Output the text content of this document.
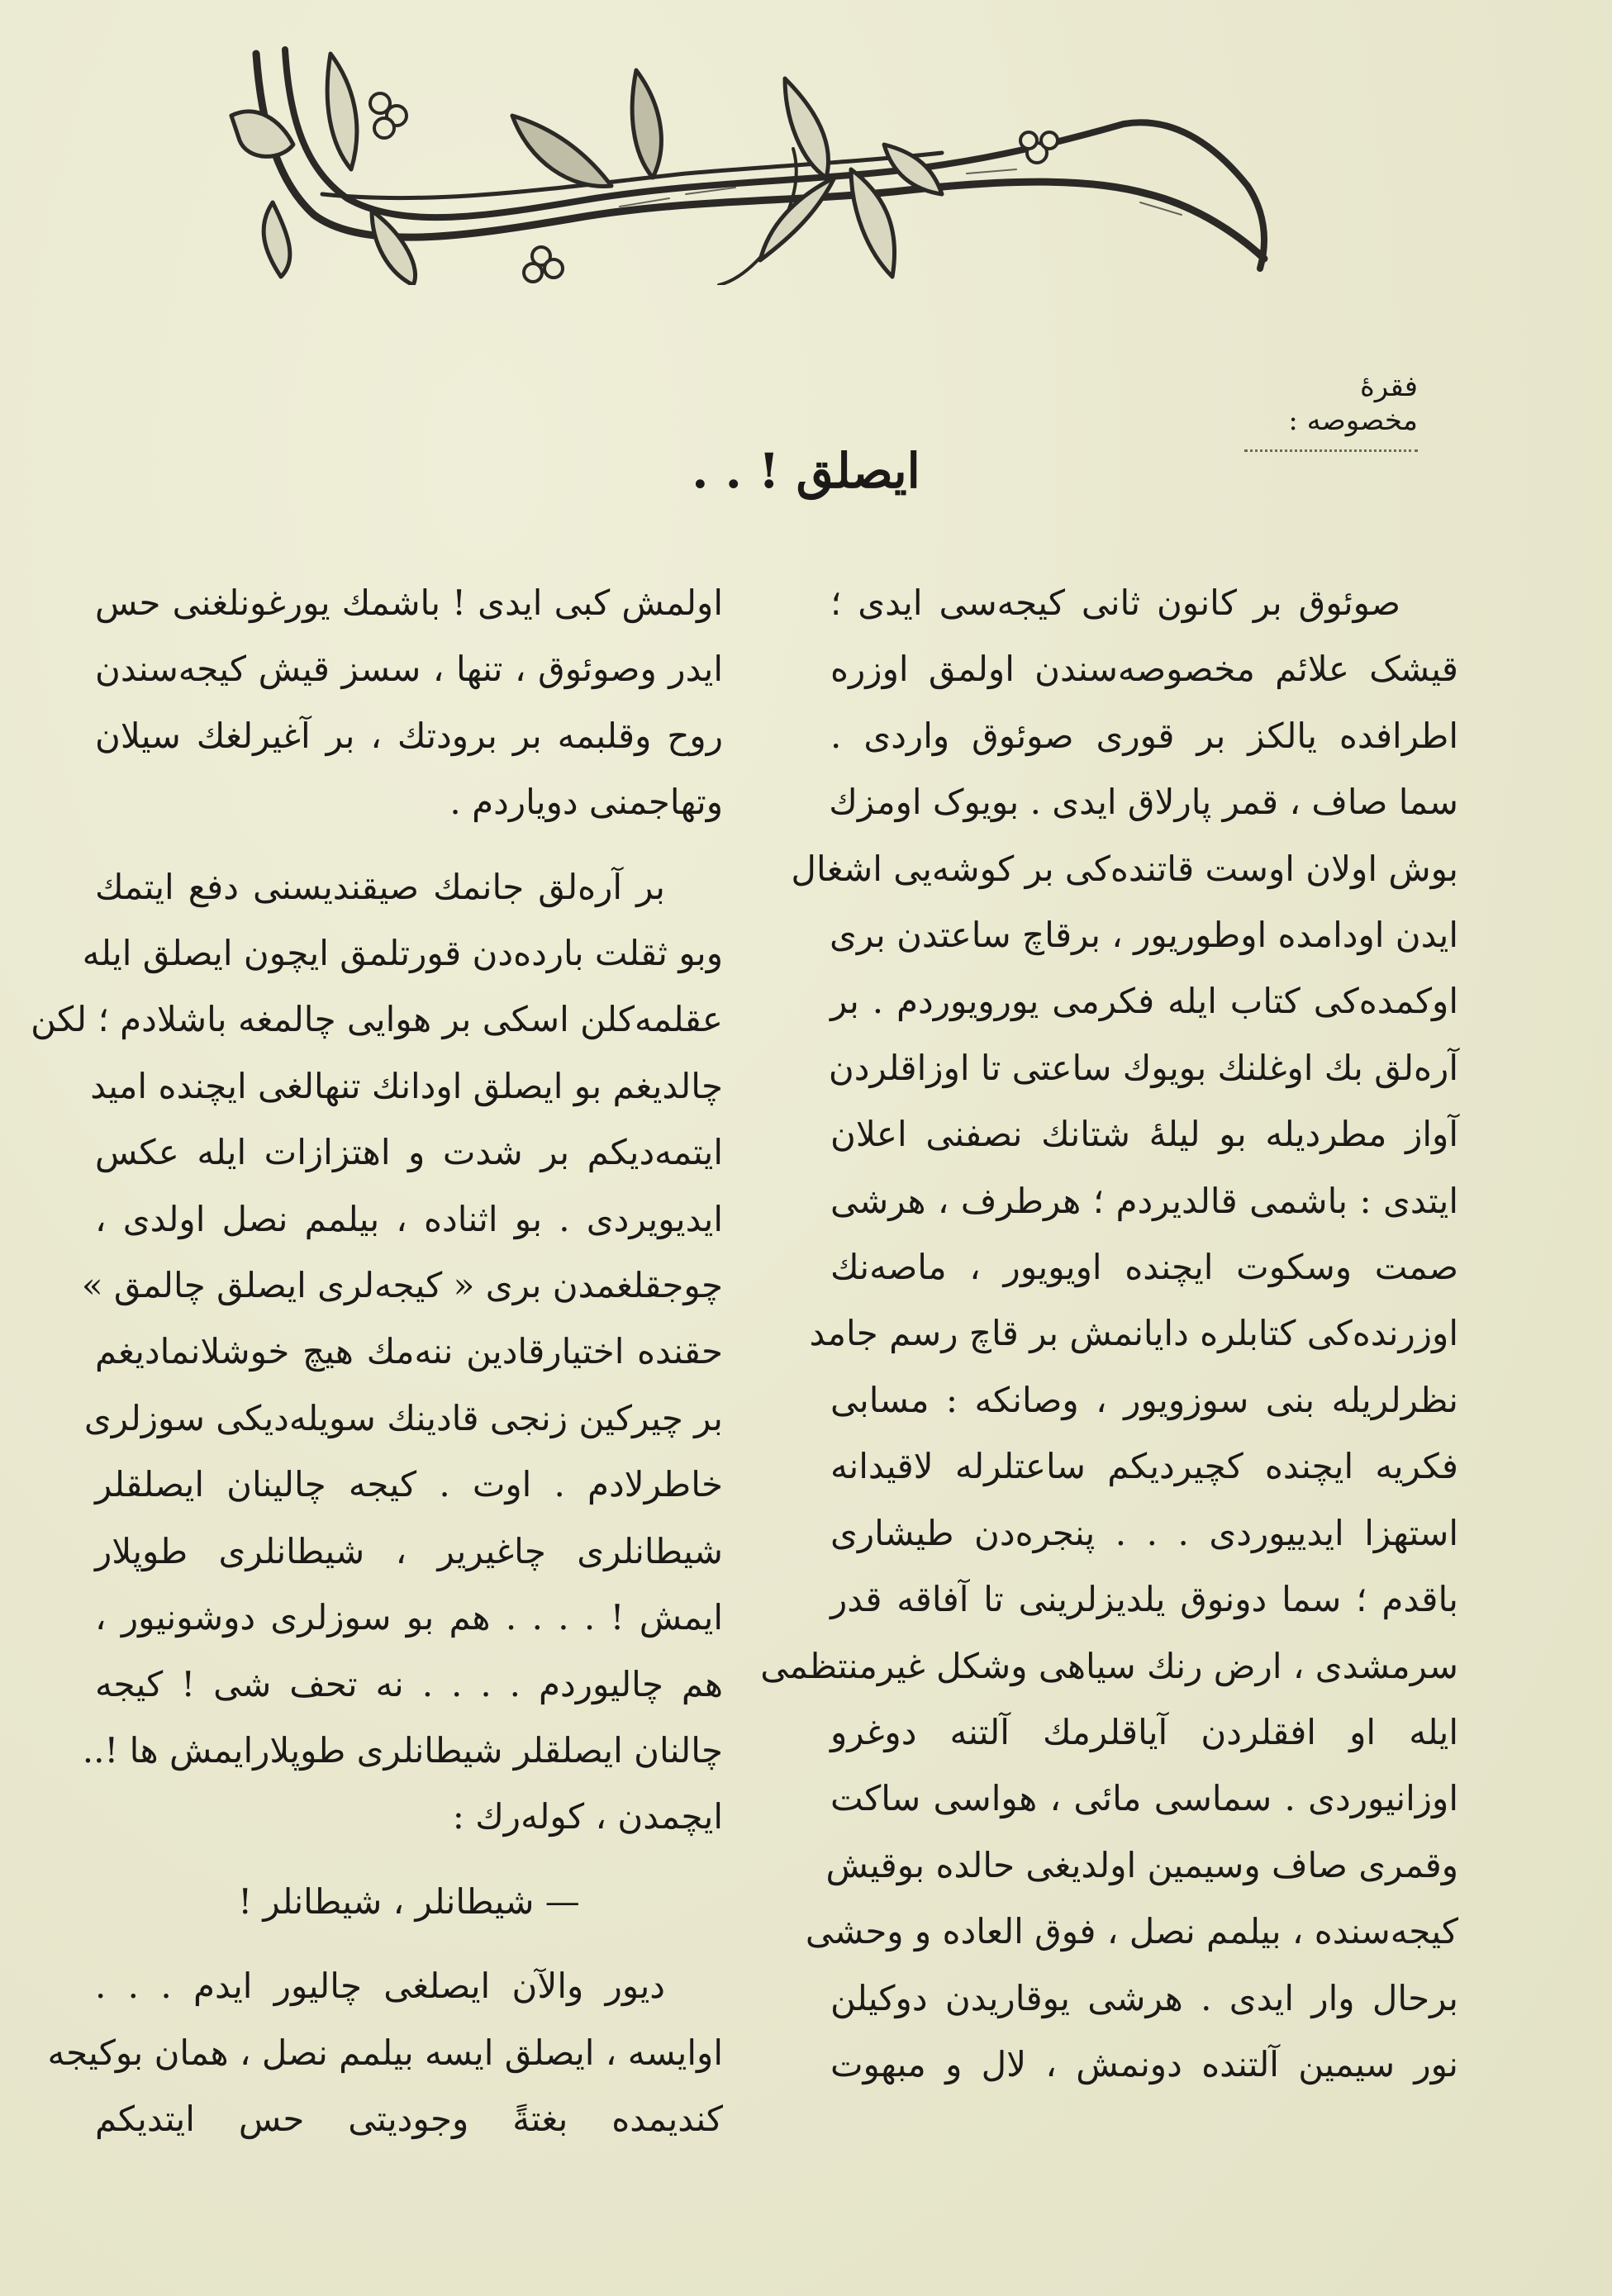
فقرهٔ مخصوصه :
ایصلق ! . .
صوئوق بر کانون ثانی کیجه‌سی ایدی ؛
قیشک علائم مخصوصه‌سندن اولمق اوزره
اطرافده یالکز بر قوری صوئوق واردی .
سما صاف ، قمر پارلاق ایدی . بویوک اومزك
بوش اولان اوست قاتنده‌کی بر کوشه‌یی اشغال
ایدن اودامده اوطوریور ، برقاچ ساعتدن بری
اوکمده‌کی کتاب ایله فکرمی یورویوردم . بر
آره‌لق بك اوغلنك بویوك ساعتی تا اوزاقلردن
آواز مطردیله بو لیلهٔ شتانك نصفنی اعلان
ایتدی : باشمی قالدیردم ؛ هرطرف ، هرشی
صمت وسکوت ایچنده اویویور ، ماصه‌نك
اوزرنده‌کی کتابلره دایانمش بر قاچ رسم جامد
نظرلریله بنی سوزویور ، وصانکه : مسابی
فکریه ایچنده کچیردیکم ساعتلرله لاقیدانه
استهزا ایدییوردی . . . پنجره‌دن طیشاری
باقدم ؛ سما دونوق یلدیزلرینی تا آفاقه قدر
سرمشدی ، ارض رنك سیاهی وشکل غیرمنتظمی
ایله او افقلردن آیاقلرمك آلتنه دوغرو
اوزانیوردی . سماسی مائی ، هواسی ساکت
وقمری صاف وسیمین اولدیغی حالده بوقیش
کیجه‌سنده ، بیلمم نصل ، فوق العاده و وحشی
برحال وار ایدی . هرشی یوقاریدن دوکیلن
نور سیمین آلتنده دونمش ، لال و مبهوت
اولمش کبی ایدی ! باشمك یورغونلغنی حس
ایدر وصوئوق ، تنها ، سسز قیش کیجه‌سندن
روح وقلبمه بر برودتك ، بر آغیرلغك سیلان
وتهاجمنی دویاردم .
بر آره‌لق جانمك صیقندیسنی دفع ایتمك
وبو ثقلت بارده‌دن قورتلمق ایچون ایصلق ایله
عقلمه‌کلن اسکی بر هوایی چالمغه باشلادم ؛ لکن
چالدیغم بو ایصلق اودانك تنهالغی ایچنده امید
ایتمه‌دیکم بر شدت و اهتزازات ایله عکس
ایدیویردی . بو اثناده ، بیلمم نصل اولدی ،
چوجقلغمدن بری « کیجه‌لری ایصلق چالمق »
حقنده اختیارقادین ننه‌مك هیچ خوشلانمادیغم
بر چیرکین زنجی قادینك سویله‌دیکی سوزلری
خاطرلادم . اوت . کیجه چالینان ایصلقلر
شیطانلری چاغیریر ، شیطانلری طوپلار
ایمش ! . . . . هم بو سوزلری دوشونیور ،
هم چالیوردم . . . . نه تحف شی ! کیجه
چالنان ایصلقلر شیطانلری طوپلارایمش ها !..
ایچمدن ، کوله‌رك :
— شیطانلر ، شیطانلر !
دیور والآن ایصلغی چالیور ایدم . . .
اوایسه ، ایصلق ایسه بیلمم نصل ، همان بوکیجه
کندیمده بغتةً وجودیتی حس ایتدیکم
